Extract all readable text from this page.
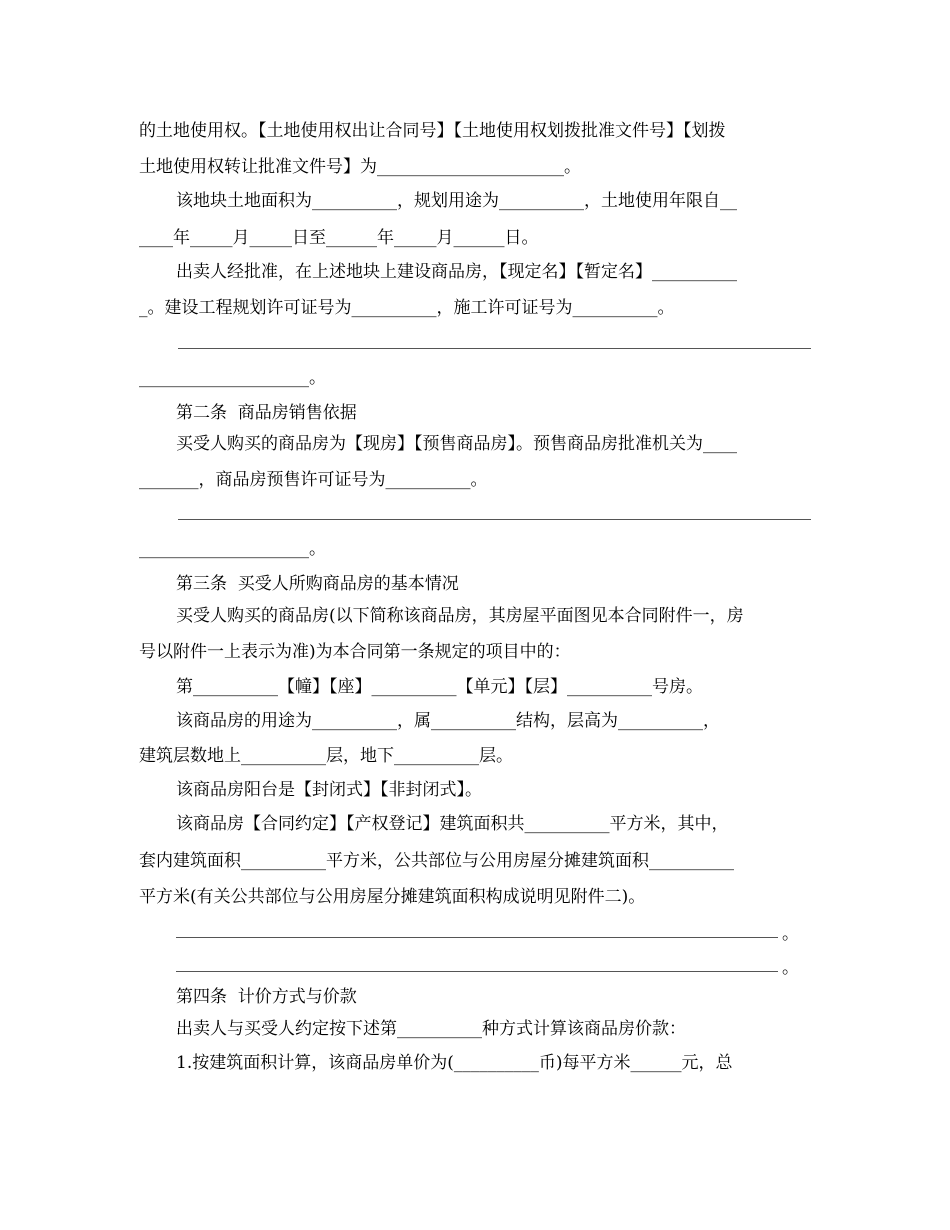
的土地使用权。【土地使用权出让合同号】【土地使用权划拨批准文件号】【划拨
土地使用权转让批准文件号】为______________________。
该地块土地面积为__________，规划用途为__________，土地使用年限自__
____年_____月_____日至______年_____月______日。
出卖人经批准，在上述地块上建设商品房，【现定名】【暂定名】__________
_。建设工程规划许可证号为__________，施工许可证号为__________。
____________________。
第二条  商品房销售依据
买受人购买的商品房为【现房】【预售商品房】。预售商品房批准机关为____
_______，商品房预售许可证号为__________。
____________________。
第三条  买受人所购商品房的基本情况
买受人购买的商品房(以下简称该商品房，其房屋平面图见本合同附件一，房
号以附件一上表示为准)为本合同第一条规定的项目中的：
第__________【幢】【座】__________【单元】【层】__________号房。
该商品房的用途为__________，属__________结构，层高为__________，
建筑层数地上__________层，地下__________层。
该商品房阳台是【封闭式】【非封闭式】。
该商品房【合同约定】【产权登记】建筑面积共__________平方米，其中，
套内建筑面积__________平方米，公共部位与公用房屋分摊建筑面积__________
平方米(有关公共部位与公用房屋分摊建筑面积构成说明见附件二)。
。
。
第四条  计价方式与价款
出卖人与买受人约定按下述第__________种方式计算该商品房价款：
1.按建筑面积计算，该商品房单价为(__________币)每平方米______元，总
